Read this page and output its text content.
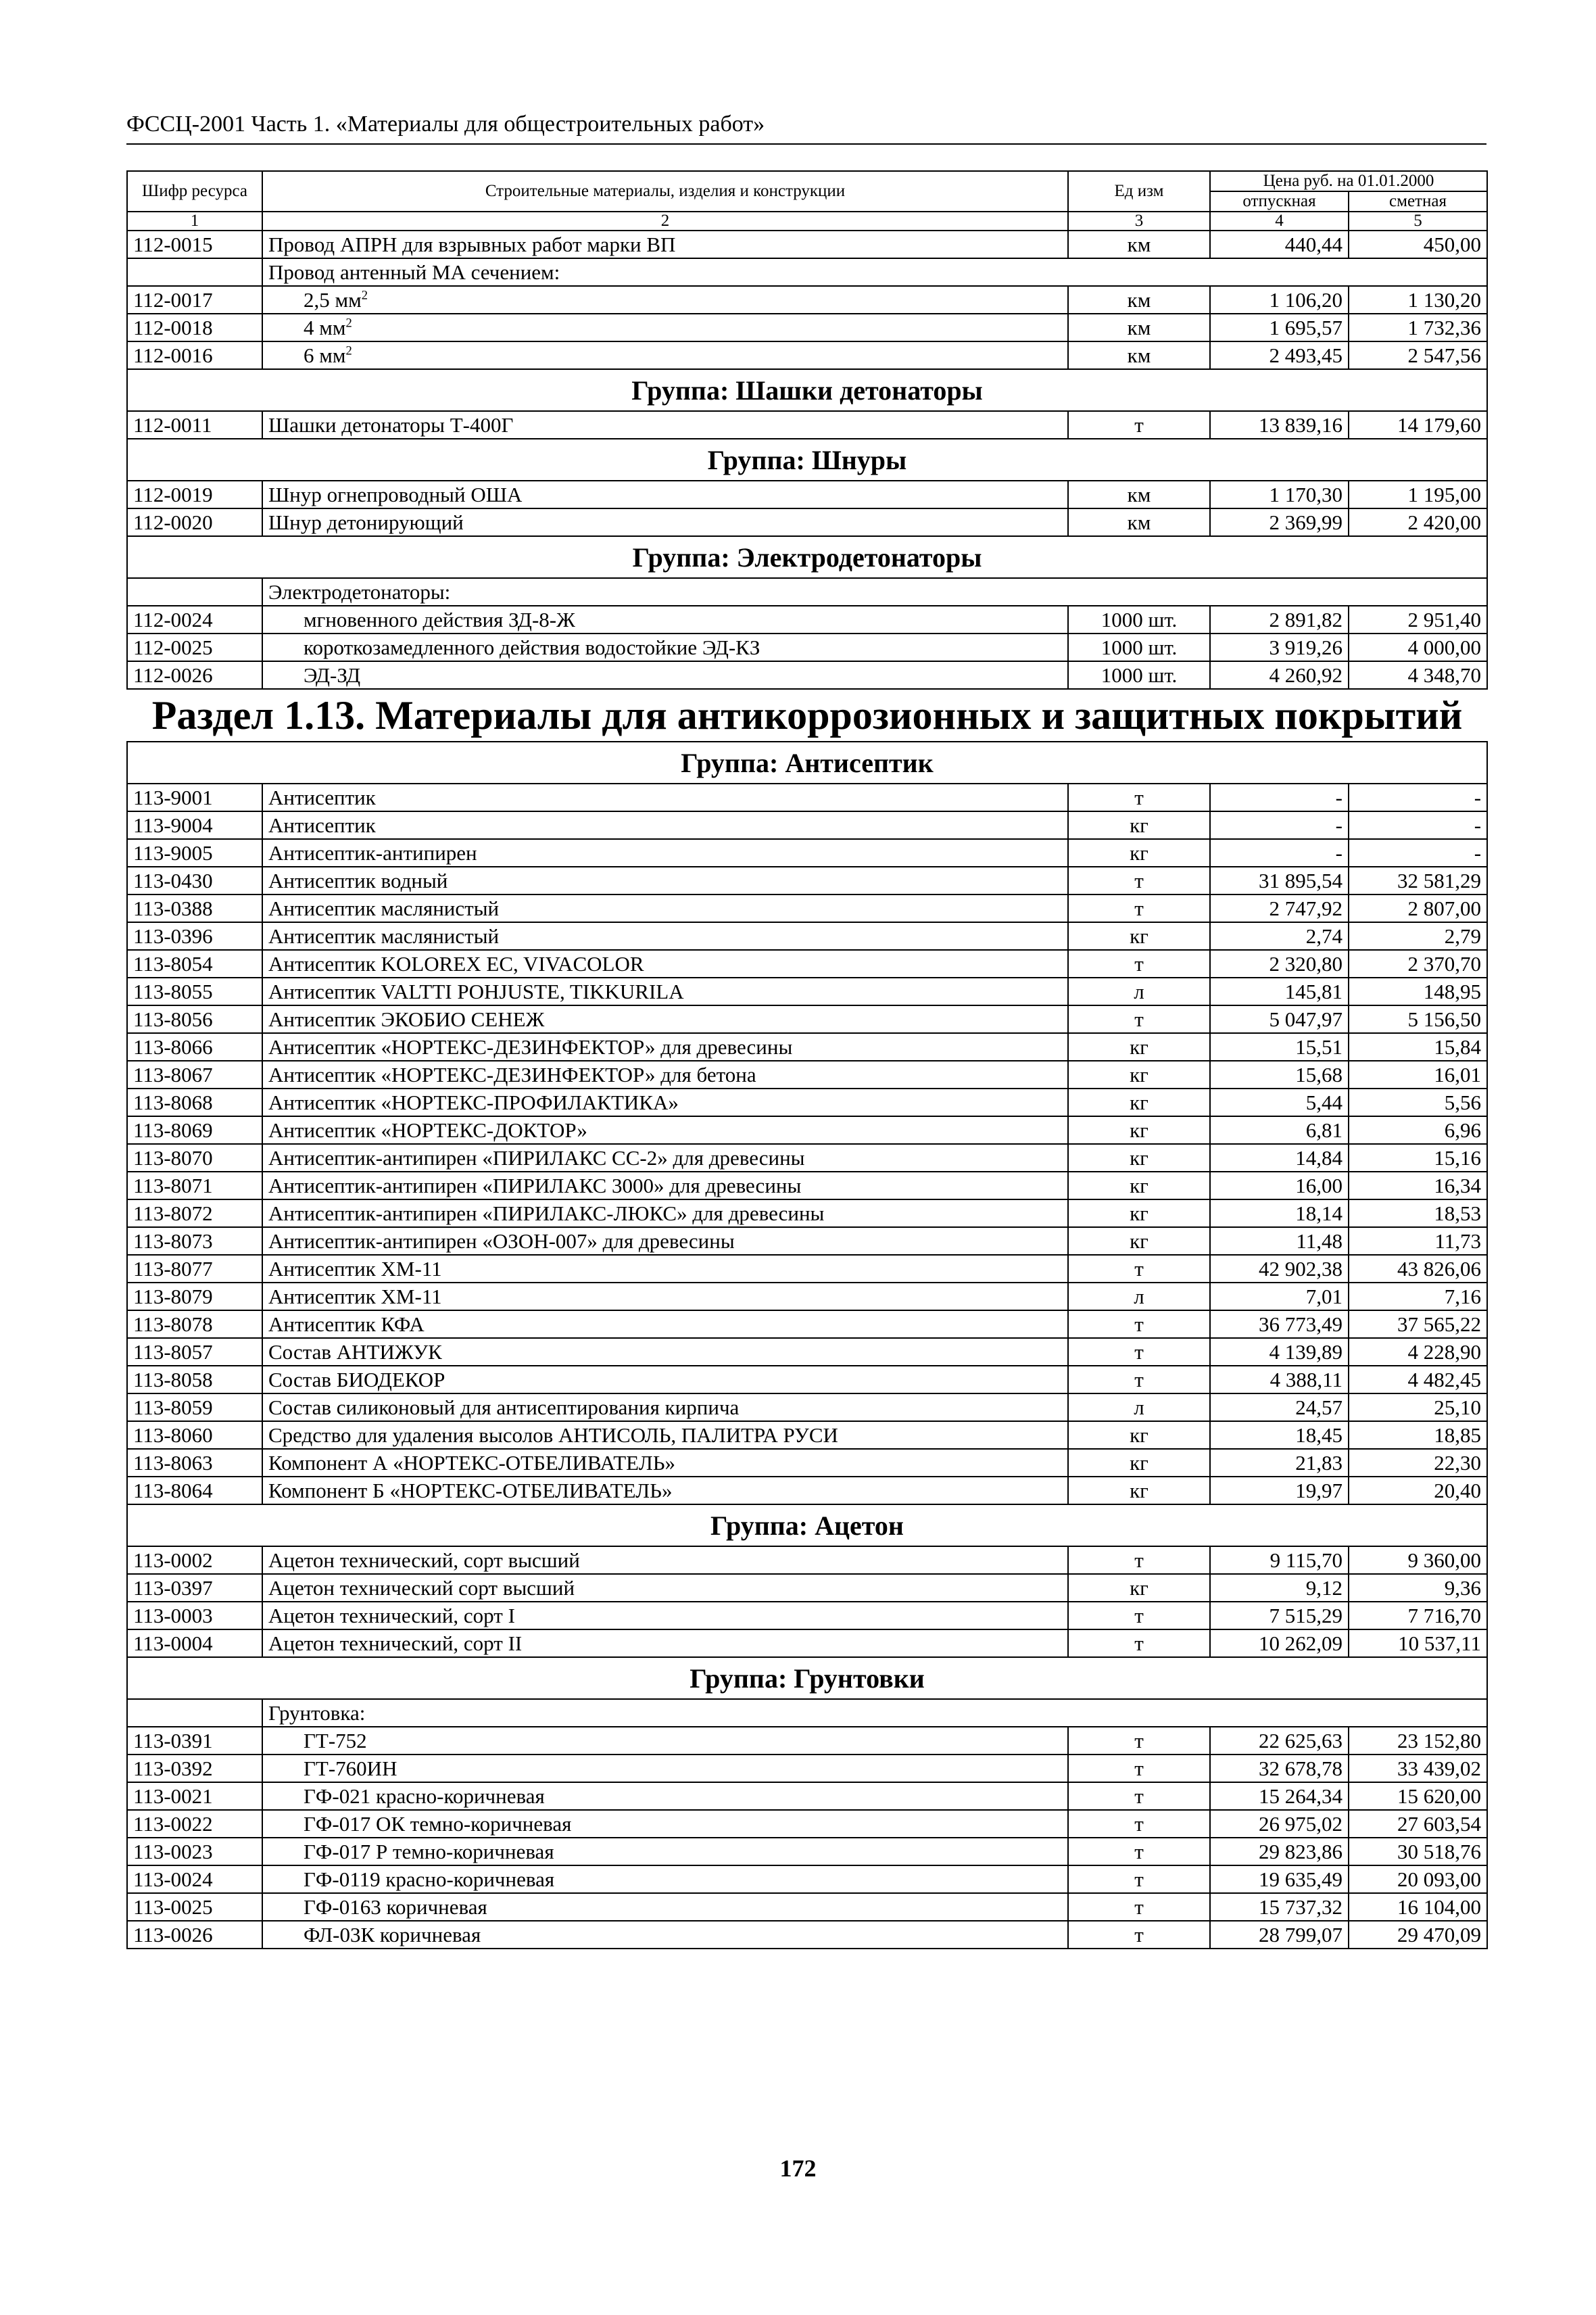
ФССЦ-2001 Часть 1. «Материалы для общестроительных работ»
Шифр ресурса	Строительные материалы, изделия и конструкции	Ед изм	Цена руб. на 01.01.2000	
			отпускная	сметная
1	2	3	4	5
112-0015	Провод АПРН для взрывных работ марки ВП	км	440,44	450,00
	Провод антенный МА сечением:			
112-0017	2,5 $мм^2$	км	1 106,20	1 130,20
112-0018	4 $мм^2$	км	1 695,57	1 732,36
112-0016	6 $мм^2$	км	2 493,45	2 547,56
Группа: Шашки детонаторы				
112-0011	Шашки детонаторы Т-400Г	т	13 839,16	14 179,60
Группа: Шнуры				
112-0019	Шнур огнепроводный ОША	км	1 170,30	1 195,00
112-0020	Шнур детонирующий	км	2 369,99	2 420,00
Группа: Электродетонаторы				
	Электродетонаторы:			
112-0024	мгновенного действия ЗД-8-Ж	1000 шт.	2 891,82	2 951,40
112-0025	короткозамедленного действия водостойкие ЭД-КЗ	1000 шт.	3 919,26	4 000,00
112-0026	ЭД-ЗД	1000 шт.	4 260,92	4 348,70
Раздел 1.13. Материалы для антикоррозионных и защитных покрытий				
Группа: Антисептик				
113-9001	Антисептик	т	-	-
113-9004	Антисептик	кг	-	-
113-9005	Антисептик-антипирен	кг	-	-
113-0430	Антисептик водный	т	31 895,54	32 581,29
113-0388	Антисептик маслянистый	т	2 747,92	2 807,00
113-0396	Антисептик маслянистый	кг	2,74	2,79
113-8054	Антисептик KOLOREX EC, VIVACOLOR	т	2 320,80	2 370,70
113-8055	Антисептик VALTTI POHJUSTE, TIKKURILA	л	145,81	148,95
113-8056	Антисептик ЭКОБИО СЕНЕЖ	т	5 047,97	5 156,50
113-8066	Антисептик «НОРТЕКС-ДЕЗИНФЕКТОР» для древесины	кг	15,51	15,84
113-8067	Антисептик «НОРТЕКС-ДЕЗИНФЕКТОР» для бетона	кг	15,68	16,01
113-8068	Антисептик «НОРТЕКС-ПРОФИЛАКТИКА»	кг	5,44	5,56
113-8069	Антисептик «НОРТЕКС-ДОКТОР»	кг	6,81	6,96
113-8070	Антисептик-антипирен «ПИРИЛАКС СС-2» для древесины	кг	14,84	15,16
113-8071	Антисептик-антипирен «ПИРИЛАКС 3000» для древесины	кг	16,00	16,34
113-8072	Антисептик-антипирен «ПИРИЛАКС-ЛЮКС» для древесины	кг	18,14	18,53
113-8073	Антисептик-антипирен «ОЗОН-007» для древесины	кг	11,48	11,73
113-8077	Антисептик ХМ-11	т	42 902,38	43 826,06
113-8079	Антисептик ХМ-11	л	7,01	7,16
113-8078	Антисептик КФА	т	36 773,49	37 565,22
113-8057	Состав АНТИЖУК	т	4 139,89	4 228,90
113-8058	Состав БИОДЕКОР	т	4 388,11	4 482,45
113-8059	Состав силиконовый для антисептирования кирпича	л	24,57	25,10
113-8060	Средство для удаления высолов АНТИСОЛЬ, ПАЛИТРА РУСИ	кг	18,45	18,85
113-8063	Компонент А «НОРТЕКС-ОТБЕЛИВАТЕЛЬ»	кг	21,83	22,30
113-8064	Компонент Б «НОРТЕКС-ОТБЕЛИВАТЕЛЬ»	кг	19,97	20,40
Группа: Ацетон				
113-0002	Ацетон технический, сорт высший	т	9 115,70	9 360,00
113-0397	Ацетон технический сорт высший	кг	9,12	9,36
113-0003	Ацетон технический, сорт I	т	7 515,29	7 716,70
113-0004	Ацетон технический, сорт II	т	10 262,09	10 537,11
Группа: Грунтовки				
	Грунтовка:			
113-0391	ГТ-752	т	22 625,63	23 152,80
113-0392	ГТ-760ИН	т	32 678,78	33 439,02
113-0021	ГФ-021 красно-коричневая	т	15 264,34	15 620,00
113-0022	ГФ-017 ОК темно-коричневая	т	26 975,02	27 603,54
113-0023	ГФ-017 Р темно-коричневая	т	29 823,86	30 518,76
113-0024	ГФ-0119 красно-коричневая	т	19 635,49	20 093,00
113-0025	ГФ-0163 коричневая	т	15 737,32	16 104,00
113-0026	ФЛ-03К коричневая	т	28 799,07	29 470,09
172
